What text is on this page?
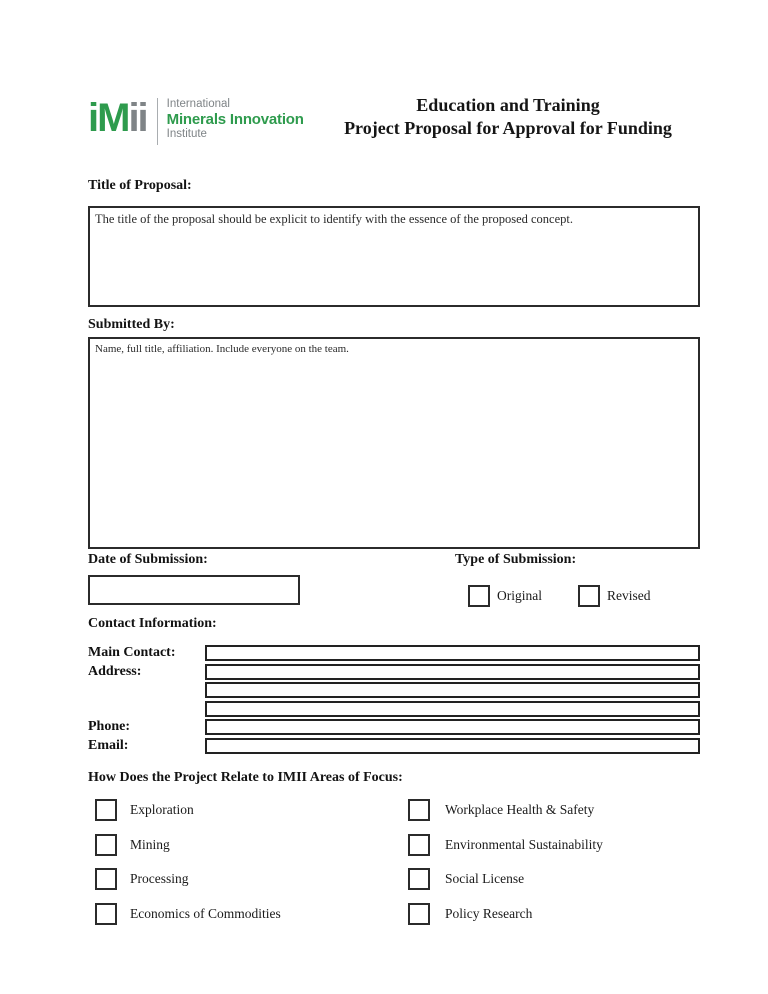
iMii International
Minerals Innovation
Institute
Education and Training
Project Proposal for Approval for Funding
Title of Proposal:
The title of the proposal should be explicit to identify with the essence of the proposed concept.
Submitted By:
Name, full title, affiliation. Include everyone on the team.
Date of Submission:	Type of Submission:
Original	Revised
Contact Information:
Main Contact:
Address:
Phone:
Email:
How Does the Project Relate to IMII Areas of Focus:
Exploration
Mining
Processing
Economics of Commodities
Workplace Health & Safety
Environmental Sustainability
Social License
Policy Research
